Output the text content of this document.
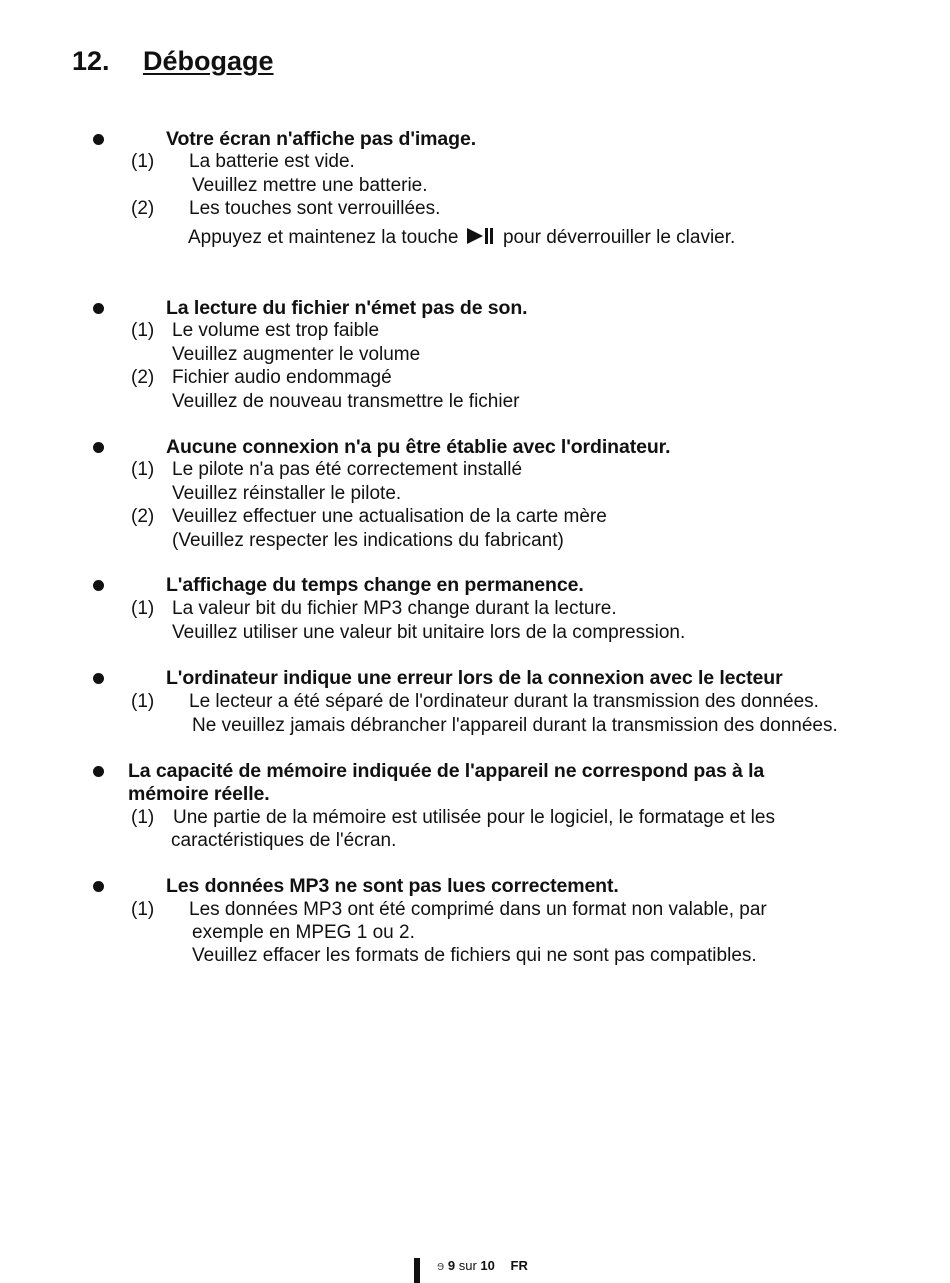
12. Débogage
Votre écran n'affiche pas d'image.
(1) La batterie est vide.
Veuillez mettre une batterie.
(2) Les touches sont verrouillées.
Appuyez et maintenez la touche pour déverrouiller le clavier.
La lecture du fichier n'émet pas de son.
(1) Le volume est trop faible
Veuillez augmenter le volume
(2) Fichier audio endommagé
Veuillez de nouveau transmettre le fichier
Aucune connexion n'a pu être établie avec l'ordinateur.
(1) Le pilote n'a pas été correctement installé
Veuillez réinstaller le pilote.
(2) Veuillez effectuer une actualisation de la carte mère
(Veuillez respecter les indications du fabricant)
L'affichage du temps change en permanence.
(1) La valeur bit du fichier MP3 change durant la lecture.
Veuillez utiliser une valeur bit unitaire lors de la compression.
L'ordinateur indique une erreur lors de la connexion avec le lecteur
(1) Le lecteur a été séparé de l'ordinateur durant la transmission des données.
Ne veuillez jamais débrancher l'appareil durant la transmission des données.
La capacité de mémoire indiquée de l'appareil ne correspond pas à la
mémoire réelle.
(1) Une partie de la mémoire est utilisée pour le logiciel, le formatage et les
caractéristiques de l'écran.
Les données MP3 ne sont pas lues correctement.
(1) Les données MP3 ont été comprimé dans un format non valable, par
exemple en MPEG 1 ou 2.
Veuillez effacer les formats de fichiers qui ne sont pas compatibles.
ɘ 9 sur 10 FR
